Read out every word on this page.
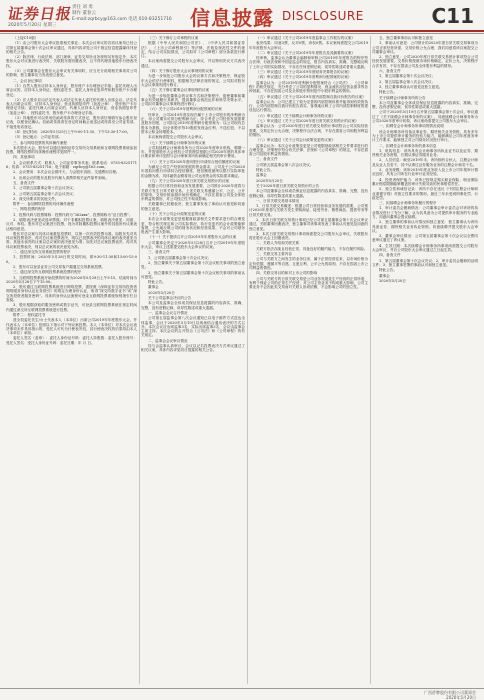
证券日报
2020年5月20日 星期三
责任 刘 勇
制作 董春云
E-mail:zqrbcy@163.com 电话 010-83251716 信息披露 DISCLOSURE	C11

（上接C10版）

（1）由公司股东大会审议批准相关事宜；本次会议审议的各项议案均已经公司第五届董事会第十次会议审议通过，具体内容详见公司于指定信息披露媒体刊登的相关公告。

（2）除法律、行政法规、部门规章、证券交易所业务规则另有规定外，本次股东大会对议案进行表决时，关联股东需回避表决，且不得代理其他股东行使表决权。

（3）公司董事会在股东大会审议有关事项时，应当充分说明相关事项对公司的影响，独立董事应当发表独立意见。

二、会议登记事项

（1）自然人股东应持本人身份证、股东账户卡办理登记手续；委托代理人出席会议的，应持本人身份证、授权委托书、委托人身份证复印件和股东账户卡办理登记。

（2）法人股东应由法定代表人或法定代表人委托的代理人出席会议。法定代表人出席会议的，应持本人身份证、营业执照复印件（加盖公章）、股东账户卡办理登记手续；委托代理人出席会议的，代理人应持本人身份证、营业执照复印件（加盖公章）、授权委托书、股东账户卡办理登记手续。

（3）异地股东可以采用信函或传真的方式登记，股东请仔细填写参会股东登记表，以便登记确认。信函或传真须在登记时间截止前送达或传真至公司证券部，不接受电话登记。

（4）登记时间：2020年5月25日上午9:00-11:30，下午13:30-17:00。

（5）登记地点：公司证券部。

三、参与网络投票的具体操作流程

本次股东大会，股东可以通过深圳证券交易所交易系统和互联网投票系统参加投票，网络投票的具体操作流程详见附件一。

四、其他事项

1、会议联系方式：联系人：公司证券事务代表；联系电话：0755-83251716；传真：0755-83251716；电子邮箱：zqrbcy@163.com。

2、会议费用：本次会议会期半天，与会股东食宿、交通费用自理。

3、出席会议的股东及股东代理人请携带相关证件原件到场。

五、备查文件

1、公司第五届董事会第十次会议决议；

2、公司第五届监事会第八次会议决议；

3、深交所要求的其他文件。

附件一：参加网络投票的具体操作流程

一、网络投票的程序

1、投票代码与投票简称：投票代码为“362xxx”，投票简称为“证日投票”。

2、填报表决意见或选举票数。对于非累积投票议案，填报表决意见：同意、反对、弃权。股东对总议案进行投票，视为对除累积投票议案外的其他所有议案表达相同意见。

股东对总议案与具体议案重复投票时，以第一次有效投票为准。如股东先对具体议案投票表决，再对总议案投票表决，则以已投票表决的具体议案的表决意见为准，其他未表决的议案以总议案的表决意见为准；如先对总议案投票表决，再对具体议案投票表决，则以总议案的表决意见为准。

二、通过深交所交易系统投票的程序

1、投票时间：2020年5月28日的交易时间，即9:30-11:30和13:00-15:00。

2、股东可以登录证券公司交易客户端通过交易系统投票。

三、通过深交所互联网投票系统投票的程序

1、互联网投票系统开始投票的时间为2020年5月28日上午9:15，结束时间为2020年5月28日下午15:00。

2、股东通过互联网投票系统进行网络投票，需按照《深圳证券交易所投资者网络服务身份认证业务指引》的规定办理身份认证，取得“深交所数字证书”或“深交所投资者服务密码”。具体的身份认证流程可登录互联网投票系统规则指引栏目查阅。

3、股东根据获取的服务密码或数字证书，可登录互联网投票系统在规定时间内通过深交所互联网投票系统进行投票。

附件二：授权委托书

兹全权委托先生/女士代表本人（本单位）出席公司2019年年度股东大会，并代表本人（本单位）依照以下指示对下列议案投票。本人（本单位）对本次会议表决事项未作具体指示的，受托人可代为行使表决权，其行使表决权的后果均由本人（本单位）承担。

委托人签名（盖章）：委托人身份证号码：委托人持股数：委托人股东账号：受托人签名：受托人身份证号码：委托日期：年 月 日。

（三）关于修订公司章程的议案

根据《中华人民共和国公司法》、《中华人民共和国证券法》、《上市公司章程指引》等法律、法规及规范性文件的规定，结合公司实际情况，公司拟对《公司章程》部分条款进行修订。

本议案尚需提交公司股东大会审议，并以特别决议方式表决通过。

（四）关于修订股东大会议事规则的议案

为进一步规范公司股东大会的议事方式和决策程序，保证股东大会依法行使职权，根据相关法律法规的规定，公司拟对股东大会议事规则进行修订。

（五）关于修订董事会议事规则的议案

为进一步规范董事会的议事方式和决策程序，促使董事和董事会有效地履行其职责，提高董事会规范运作和科学决策水平，公司拟对董事会议事规则进行修订。

（六）关于公司2019年度利润分配预案的议案

经审计，公司2019年度实现归属于上市公司股东的净利润为正，母公司期末可供分配利润为正。综合考虑公司经营发展需要及股东回报，公司拟定2019年度利润分配预案为：以公司现有总股本为基数，向全体股东每10股派发现金红利，不送红股，不以资本公积金转增股本。

本议案尚需提交公司股东大会审议。

（七）关于续聘会计师事务所的议案

公司拟续聘会计师事务所为公司2020年度审计机构，聘期一年，并提请股东大会授权公司管理层根据公司2020年度的具体审计要求和审计范围与会计师事务所协商确定相关的审计费用。

（八）关于公司2020年度向银行申请综合授信额度的议案

为满足公司生产经营和发展的资金需求，公司及子公司2020年度拟向银行申请综合授信额度，授信额度最终以银行实际审批的金额为准，具体融资金额将视公司运营资金的实际需求确定。

（九）关于公司2020年度日常关联交易预计的议案

根据公司日常经营和业务发展需要，公司预计2020年度将与关联方发生日常关联交易。上述关联交易遵循公平、公正、公开的原则，交易价格参照市场价格确定，不存在损害公司及全体股东利益的情形，对公司独立性不构成影响。

关联董事已回避表决，独立董事发表了事前认可意见和同意的独立意见。

（十）关于公司会计政策变更的议案

本次会计政策变更是根据财政部相关文件要求进行的合理变更，符合相关规定和公司实际情况，执行变更后的会计政策能够客观、公允地反映公司的财务状况和经营成果，不会对公司财务报表产生重大影响。

（十一）关于提请召开公司2019年年度股东大会的议案

公司董事会决定于2020年5月28日召开公司2019年年度股东大会，审议上述需提交股东大会审议的议案。

三、备查文件

1、公司第五届董事会第十次会议决议；

2、独立董事关于第五届董事会第十次会议相关事项的独立意见；

3、独立董事关于第五届董事会第十次会议相关事项的事前认可意见。

特此公告。

董事会

2020年5月20日

关于公司监事会决议的公告

本公司及监事会全体成员保证信息披露的内容真实、准确、完整，没有虚假记载、误导性陈述或重大遗漏。

一、监事会会议召开情况

公司第五届监事会第八次会议通知已以电子邮件方式送达全体监事，会议于2020年5月19日以现场结合通讯表决的方式召开。本次会议应出席监事3名，实际出席监事3名，会议由监事会主席主持。本次会议的召开符合《公司法》和《公司章程》的有关规定。

二、监事会会议审议情况

经与会监事认真审议，会议以记名投票表决方式审议通过了相关议案，具体内容详见同日披露的相关公告。

（一）审议通过《关于公司2019年度监事会工作报告的议案》

表决结果：同意3票，反对0票，弃权0票。本议案尚需提交公司2019年年度股东大会审议。

（二）审议通过《关于公司2019年年度报告及其摘要的议案》

经审核，监事会认为董事会编制和审核公司2019年年度报告的程序符合法律、行政法规和中国证监会的规定，报告内容真实、准确、完整地反映了上市公司的实际情况，不存在任何虚假记载、误导性陈述或者重大遗漏。

（三）审议通过《关于公司2019年度财务决算报告的议案》

（四）审议通过《关于公司2019年度利润分配预案的议案》

监事会认为：公司2019年度利润分配预案符合《公司法》、《公司章程》的相关规定，充分考虑了公司的盈利情况、现金流状况及资金需求等各种因素，不存在损害公司及全体股东特别是中小股东利益的情形。

（五）审议通过《关于公司2019年度内部控制自我评价报告的议案》

监事会认为：公司已建立了较为完善的内部控制体系并能得到有效的执行，公司内部控制自我评价报告真实、客观地反映了公司内部控制制度的建设及运行情况。

（六）审议通过《关于续聘会计师事务所的议案》

（七）审议通过《关于公司2020年度日常关联交易预计的议案》

监事会认为：公司2020年度日常关联交易预计事项符合公司实际经营需要，交易定价公允合理，决策程序合法合规，不存在损害公司和股东利益的情形。

（八）审议通过《关于公司会计政策变更的议案》

监事会认为：本次会计政策变更是公司根据财政部相关文件要求进行的合理变更，决策程序符合有关法律、法规和《公司章程》的规定，不存在损害公司及股东利益的情形。

三、备查文件

公司第五届监事会第八次会议决议。

特此公告。

监事会

2020年5月20日

关于2020年度日常关联交易预计的公告

本公司及董事会全体成员保证信息披露的内容真实、准确、完整，没有虚假记载、误导性陈述或重大遗漏。

一、日常关联交易基本情况

1、日常关联交易概述：根据公司日常经营和业务发展的需要，公司预计2020年度将与关联方发生采购商品、接受劳务、销售商品、提供劳务等日常关联交易。

2、本次日常关联交易预计事项已经公司第五届董事会第十次会议审议通过，关联董事回避表决，独立董事对该事项发表了事前认可意见及同意的独立意见。

3、本次日常关联交易预计事项尚需提交公司股东大会审议，关联股东将在股东大会上回避表决。

二、关联人介绍和关联关系

关联方依法存续且经营正常，具备良好的履约能力，不存在履约风险。

三、关联交易主要内容

公司与关联方之间发生的业务往来，属于正常经营往来，以市场价格为定价依据，遵循平等自愿、互惠互利、公平公允的原则，不存在损害上市公司利益的情形。

四、关联交易目的和对上市公司的影响

公司与关联方的日常关联交易是公司业务发展及生产经营的正常所需，有利于保证公司的正常生产经营，对公司主营业务不构成重大影响，公司主要业务不会因此类交易而对关联人形成依赖，不会影响公司的独立性。

五、独立董事事前认可和独立意见

1、事前认可意见：公司预计的2020年度日常关联交易事项为公司正常经营所需，交易价格公允合理，我们同意将该议案提交公司董事会审议。

2、独立意见：公司2020年度日常关联交易预计事项符合公司经营发展需要，交易价格按照市场价格确定，定价公允，决策程序合法有效，不存在损害公司及全体股东利益的情形。

六、备查文件

1、第五届董事会第十次会议决议；

2、第五届监事会第八次会议决议；

3、独立董事事前认可意见及独立意见。

特此公告。

关于续聘会计师事务所的公告

本公司及董事会全体成员保证信息披露的内容真实、准确、完整，没有虚假记载、误导性陈述或重大遗漏。

公司于2020年5月19日召开第五届董事会第十次会议，审议通过了《关于续聘会计师事务所的议案》，同意续聘会计师事务所为公司2020年度审计机构，该议案尚需提交公司股东大会审议。

一、拟聘任会计师事务所事项的情况说明

该会计师事务所具备从事证券、期货相关业务资格，具有多年为上市公司提供审计服务的经验与能力，能够满足公司年度财务审计工作要求，能够独立对公司财务状况进行审计。

二、拟聘任会计师事务所的基本信息

1、机构信息：该所具有会计师事务所执业证书以及证券、期货相关业务资格，长期从事证券服务业务。

2、人员信息：截至2019年末，该所拥有合伙人、注册会计师及从业人员若干，其中从事过证券服务业务的注册会计师若干名。

3、业务规模：该所2019年度业务收入及上市公司年报审计情况良好，具有公司所在行业审计业务经验。

4、投资者保护能力：该所已按规定购买职业保险，职业保险累计赔偿限额能够覆盖因审计失败导致的民事赔偿责任。

5、独立性和诚信记录：该所不存在违反《中国注册会计师职业道德守则》对独立性要求的情形，最近三年未受到刑事处罚、行政处罚。

三、拟续聘会计师事务所履行的程序

1、审计委员会履职情况：公司董事会审计委员会对该所的执业情况进行了充分了解，认为其具备为公司提供审计服务的专业能力，同意向董事会提议续聘。

2、独立董事的事前认可情况和独立意见：独立董事认为该所具备证券、期货相关业务执业资格，同意续聘并提交股东大会审议。

3、董事会审议情况：公司第五届董事会第十次会议以全票同意审议通过了该议案。

4、生效日期：本次续聘会计师事务所事项尚需提交公司股东大会审议，并自公司股东大会审议通过之日起生效。

四、备查文件

1、第五届董事会第十次会议决议；2、审计委员会履职的证明文件；3、独立董事签署的事前认可和独立意见。

特此公告。

董事会

2020年5月20日

广西侨牌股份有限公司董事会
2020年5月20日
